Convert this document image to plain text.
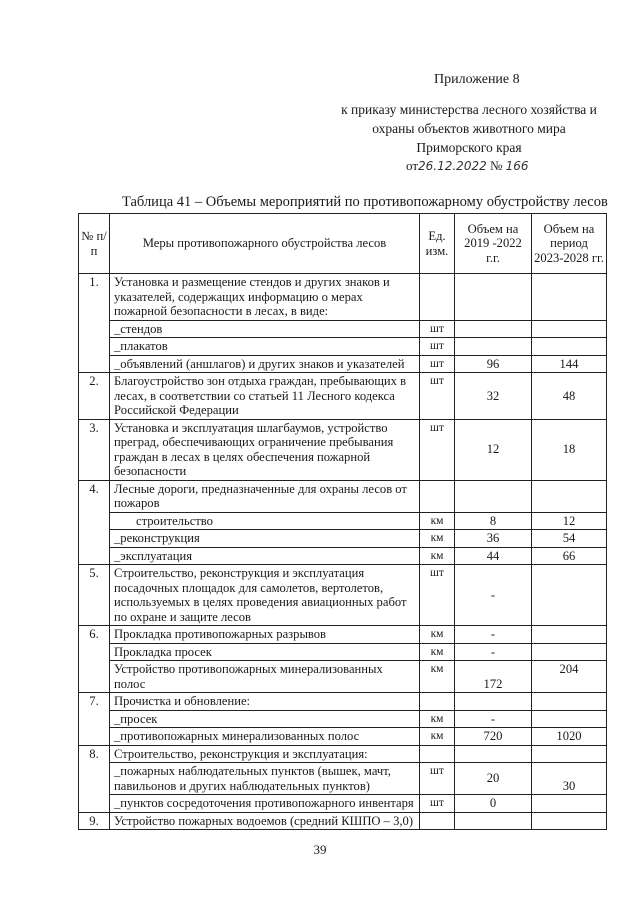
Приложение 8
к приказу министерства лесного хозяйства и
охраны объектов животного мира
Приморского края
от26.12.2022 № 166
Таблица 41 – Объемы мероприятий по противопожарному обустройству лесов
№ п/п	Меры противопожарного обустройства лесов	Ед. изм.	Объем на 2019 -2022 г.г.	Объем на период 2023-2028 гг.
1.	Установка и размещение стендов и других знаков и указателей, содержащих информацию о мерах пожарной безопасности в лесах, в виде:			
	_стендов	шт		
	_плакатов	шт		
	_объявлений (аншлагов) и других знаков и указателей	шт	96	144
2.	Благоустройство зон отдыха граждан, пребывающих в лесах, в соответствии со статьей 11 Лесного кодекса Российской Федерации	шт	32	48
3.	Установка и эксплуатация шлагбаумов, устройство преград, обеспечивающих ограничение пребывания граждан в лесах в целях обеспечения пожарной безопасности	шт	12	18
4.	Лесные дороги, предназначенные для охраны лесов от пожаров			
	строительство	км	8	12
	_реконструкция	км	36	54
	_эксплуатация	км	44	66
5.	Строительство, реконструкция и эксплуатация посадочных площадок для самолетов, вертолетов, используемых в целях проведения авиационных работ по охране и защите лесов	шт	-	
6.	Прокладка противопожарных разрывов	км	-	
	Прокладка просек	км	-	
	Устройство противопожарных минерализованных полос	км	172	204
7.	Прочистка и обновление:			
	_просек	км	-	
	_противопожарных минерализованных полос	км	720	1020
8.	Строительство, реконструкция и эксплуатация:			
	_пожарных наблюдательных пунктов (вышек, мачт, павильонов и других наблюдательных пунктов)	шт	20	30
	_пунктов сосредоточения противопожарного инвентаря	шт	0	
9.	Устройство пожарных водоемов (средний КШПО – 3,0)			
39
